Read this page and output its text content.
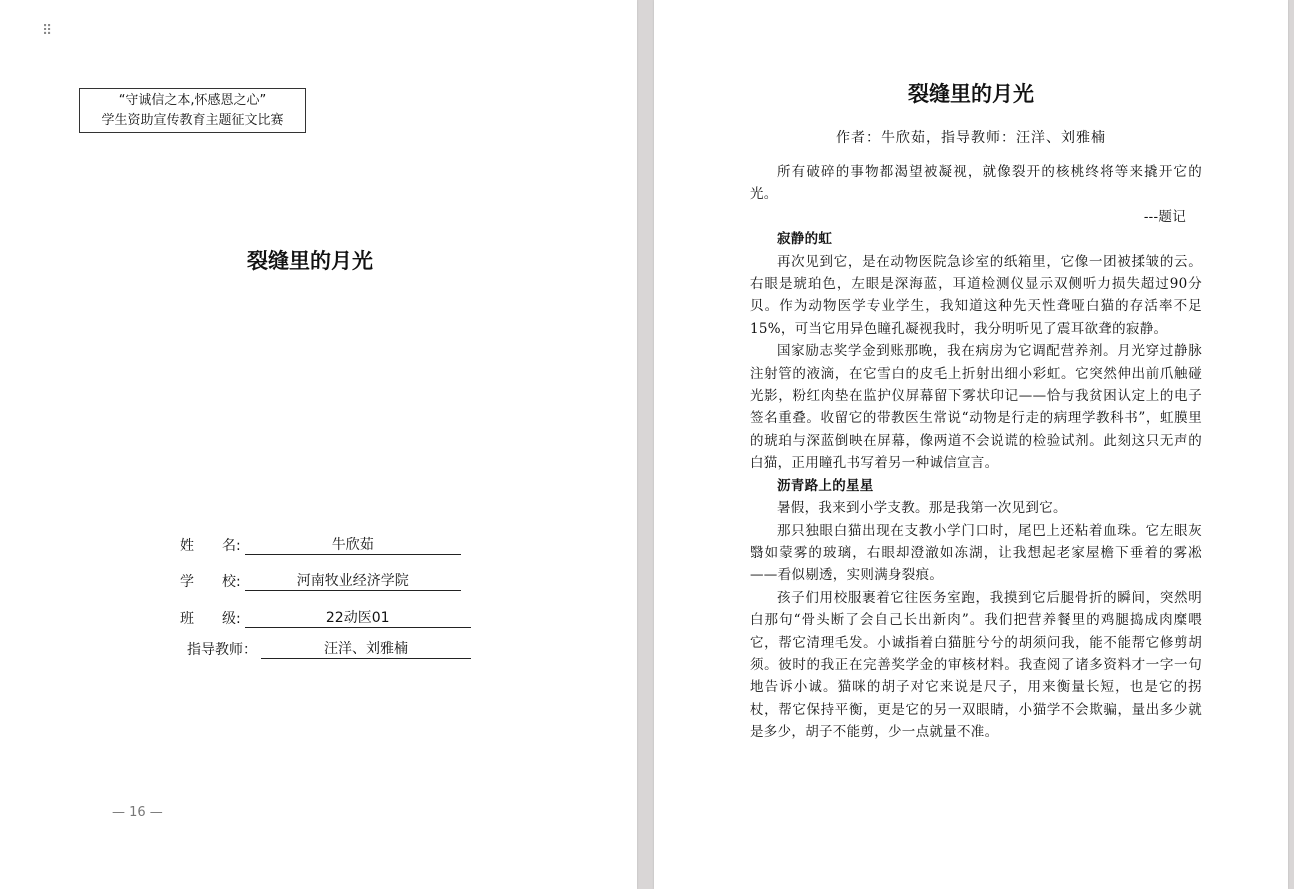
⠿
“守诚信之本,怀感恩之心”
学生资助宣传教育主题征文比赛
裂缝里的月光
姓　　名:	牛欣茹
学　　校:	河南牧业经济学院
班　　级:	22动医01
指导教师：	汪洋、刘雅楠
— 16 —
裂缝里的月光
作者：牛欣茹，指导教师：汪洋、刘雅楠

所有破碎的事物都渴望被凝视，就像裂开的核桃终将等来撬开它的光。

---题记

寂静的虹

再次见到它，是在动物医院急诊室的纸箱里，它像一团被揉皱的云。右眼是琥珀色，左眼是深海蓝，耳道检测仪显示双侧听力损失超过90分贝。作为动物医学专业学生，我知道这种先天性聋哑白猫的存活率不足15%，可当它用异色瞳孔凝视我时，我分明听见了震耳欲聋的寂静。

国家励志奖学金到账那晚，我在病房为它调配营养剂。月光穿过静脉注射管的液滴，在它雪白的皮毛上折射出细小彩虹。它突然伸出前爪触碰光影，粉红肉垫在监护仪屏幕留下雾状印记——恰与我贫困认定上的电子签名重叠。收留它的带教医生常说“动物是行走的病理学教科书”，虹膜里的琥珀与深蓝倒映在屏幕，像两道不会说谎的检验试剂。此刻这只无声的白猫，正用瞳孔书写着另一种诚信宣言。

沥青路上的星星

暑假，我来到小学支教。那是我第一次见到它。

那只独眼白猫出现在支教小学门口时，尾巴上还粘着血珠。它左眼灰翳如蒙雾的玻璃，右眼却澄澈如冻湖，让我想起老家屋檐下垂着的雾凇——看似剔透，实则满身裂痕。

孩子们用校服裹着它往医务室跑，我摸到它后腿骨折的瞬间，突然明白那句“骨头断了会自己长出新肉”。我们把营养餐里的鸡腿捣成肉糜喂它，帮它清理毛发。小诚指着白猫脏兮兮的胡须问我，能不能帮它修剪胡须。彼时的我正在完善奖学金的审核材料。我查阅了诸多资料才一字一句地告诉小诚。猫咪的胡子对它来说是尺子，用来衡量长短，也是它的拐杖，帮它保持平衡，更是它的另一双眼睛，小猫学不会欺骗，量出多少就是多少，胡子不能剪，少一点就量不准。
